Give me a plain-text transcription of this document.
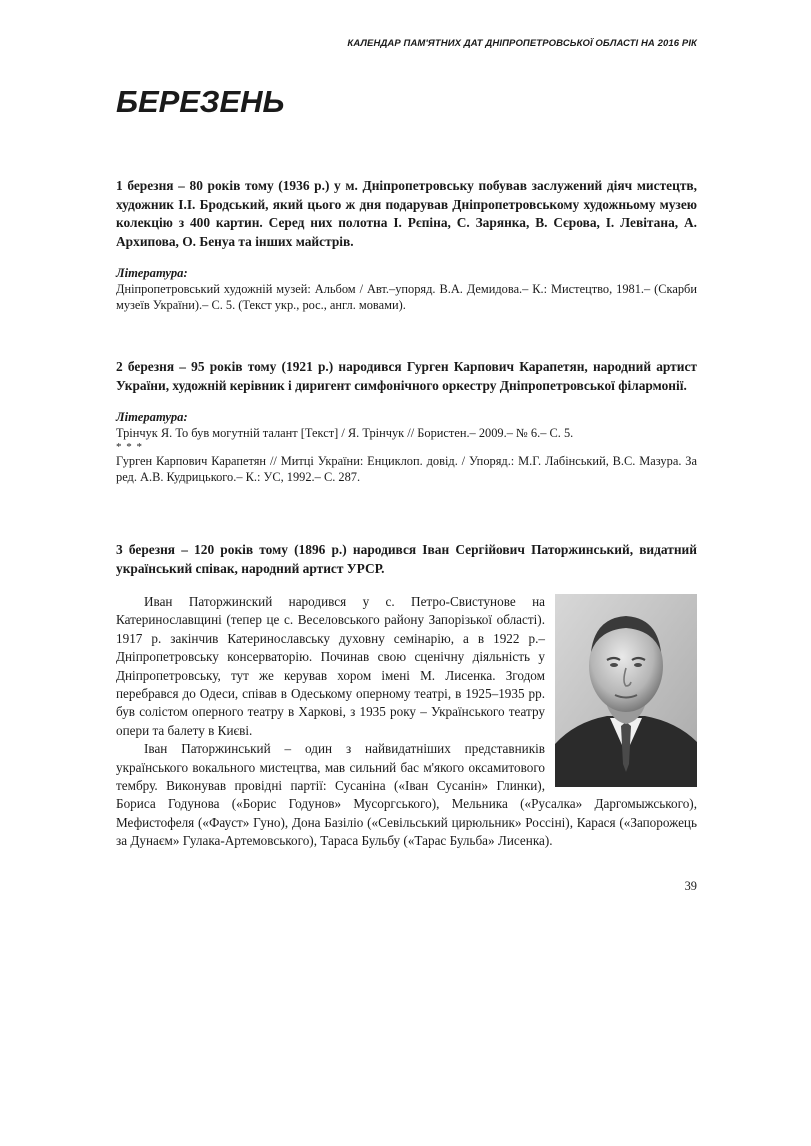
КАЛЕНДАР ПАМ'ЯТНИХ ДАТ ДНІПРОПЕТРОВСЬКОЇ ОБЛАСТІ НА 2016 РІК
БЕРЕЗЕНЬ

1 березня – 80 років тому (1936 р.) у м. Дніпропетровську побував заслужений діяч мистецтв, художник І.І. Бродський, який цього ж дня подарував Дніпропетровському художньому музею колекцію з 400 картин. Серед них полотна І. Рєпіна, С. Зарянка, В. Сєрова, І. Левітана, А. Архипова, О. Бенуа та інших майстрів.

Література:

Дніпропетровський художній музей: Альбом / Авт.–упоряд. В.А. Демидова.– К.: Мистецтво, 1981.– (Скарби музеїв України).– С. 5. (Текст укр., рос., англ. мовами).

2 березня – 95 років тому (1921 р.) народився Гурген Карпович Карапетян, народний артист України, художній керівник і диригент симфонічного оркестру Дніпропетровської філармонії.

Література:

Трінчук Я. То був могутній талант [Текст] / Я. Трінчук // Бористен.– 2009.– № 6.– С. 5.

* * *

Гурген Карпович Карапетян // Митці України: Енциклоп. довід. / Упоряд.: М.Г. Лабінський, В.С. Мазура. За ред. А.В. Кудрицького.– К.: УС, 1992.– С. 287.

3 березня – 120 років тому (1896 р.) народився Іван Сергійович Паторжинський, видатний український співак, народний артист УРСР.

Иван Паторжинский народився у с. Петро-Свистунове на Катеринославщині (тепер це с. Веселовського району Запорізької області). 1917 р. закінчив Катеринославську духовну семінарію, а в 1922 р.– Дніпропетровську консерваторію. Починав свою сценічну діяльність у Дніпропетровську, тут же керував хором імені М. Лисенка. Згодом перебрався до Одеси, співав в Одеському оперному театрі, в 1925–1935 рр. був солістом оперного театру в Харкові, з 1935 року – Українського театру опери та балету в Києві.

Іван Паторжинський – один з найвидатніших представників українського вокального мистецтва, мав сильний бас м'якого оксамитового тембру. Виконував провідні партії: Сусаніна («Іван Сусанін» Глинки), Бориса Годунова («Борис Годунов» Мусоргського), Мельника («Русалка» Даргомыжського), Мефистофеля («Фауст» Гуно), Дона Базіліо («Севільський цирюльник» Россіні), Карася («Запорожець за Дунаєм» Гулака-Артемовського), Тараса Бульбу («Тарас Бульба» Лисенка).

39
